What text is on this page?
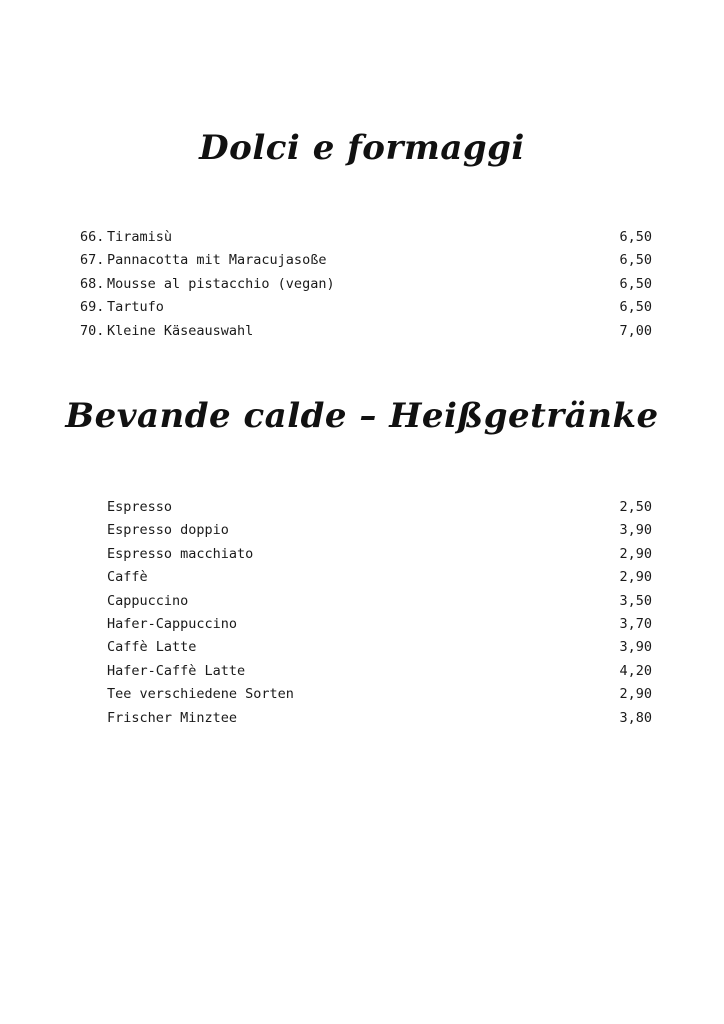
Dolci e formaggi
66. Tiramisù	6,50
67. Pannacotta mit Maracujasoße	6,50
68. Mousse al pistacchio (vegan)	6,50
69. Tartufo	6,50
70. Kleine Käseauswahl	7,00
Bevande calde – Heißgetränke
Espresso	2,50
Espresso doppio	3,90
Espresso macchiato	2,90
Caffè	2,90
Cappuccino	3,50
Hafer-Cappuccino	3,70
Caffè Latte	3,90
Hafer-Caffè Latte	4,20
Tee verschiedene Sorten	2,90
Frischer Minztee	3,80
